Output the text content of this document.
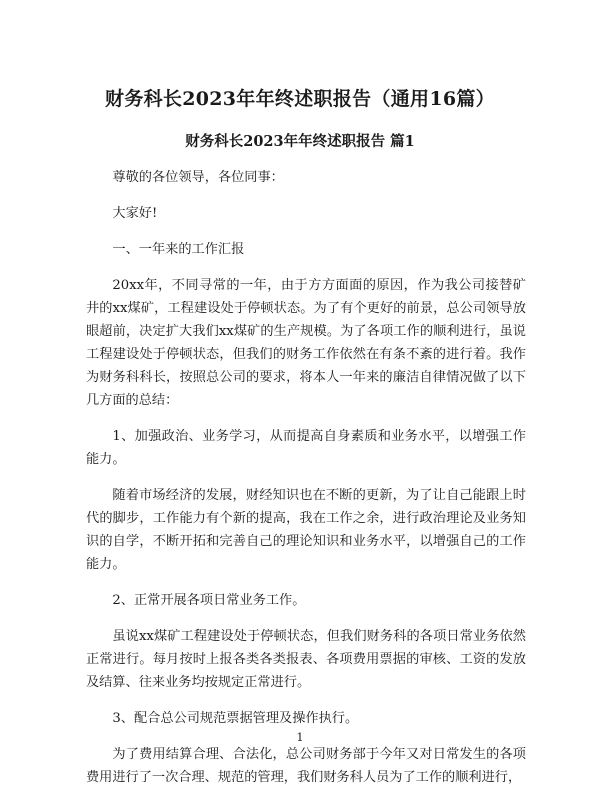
财务科长2023年年终述职报告（通用16篇）
财务科长2023年年终述职报告 篇1

尊敬的各位领导，各位同事：

大家好!

一、一年来的工作汇报

20xx年，不同寻常的一年，由于方方面面的原因，作为我公司接替矿井的xx煤矿，工程建设处于停顿状态。为了有个更好的前景，总公司领导放眼超前，决定扩大我们xx煤矿的生产规模。为了各项工作的顺利进行，虽说工程建设处于停顿状态，但我们的财务工作依然在有条不紊的进行着。我作为财务科科长，按照总公司的要求，将本人一年来的廉洁自律情况做了以下几方面的总结：

1、加强政治、业务学习，从而提高自身素质和业务水平，以增强工作能力。

随着市场经济的发展，财经知识也在不断的更新，为了让自己能跟上时代的脚步，工作能力有个新的提高，我在工作之余，进行政治理论及业务知识的自学，不断开拓和完善自己的理论知识和业务水平，以增强自己的工作能力。

2、正常开展各项日常业务工作。

虽说xx煤矿工程建设处于停顿状态，但我们财务科的各项日常业务依然正常进行。每月按时上报各类各类报表、各项费用票据的审核、工资的发放及结算、往来业务均按规定正常进行。

3、配合总公司规范票据管理及操作执行。

为了费用结算合理、合法化，总公司财务部于今年又对日常发生的各项费用进行了一次合理、规范的管理，我们财务科人员为了工作的顺利进行，

1
